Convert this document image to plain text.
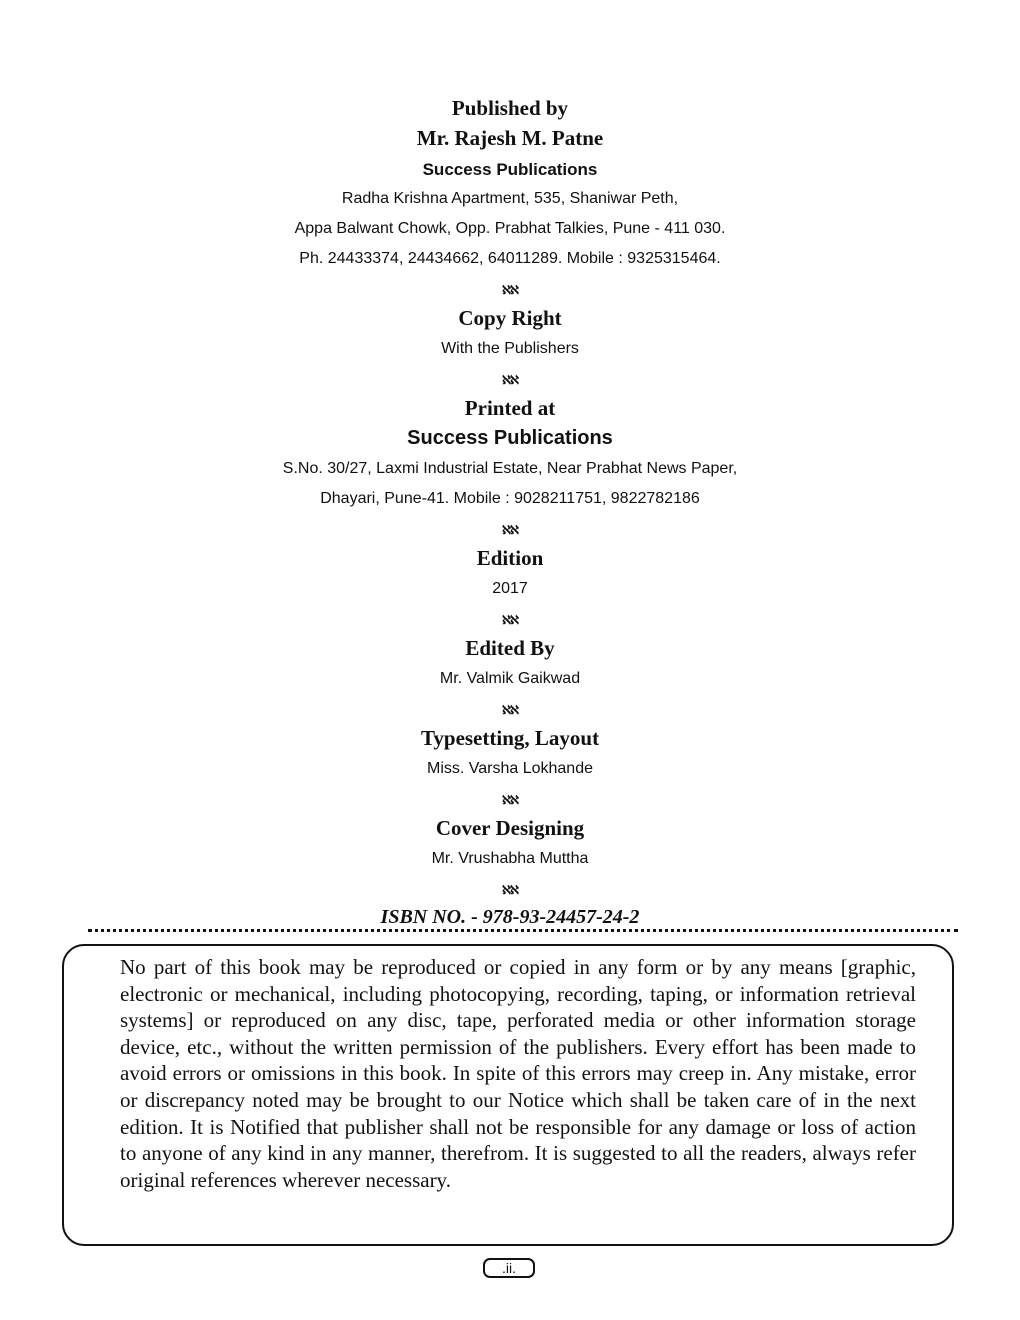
Published by
Mr. Rajesh M. Patne
Success Publications
Radha Krishna Apartment, 535, Shaniwar Peth,
Appa Balwant Chowk, Opp. Prabhat Talkies, Pune - 411 030.
Ph. 24433374, 24434662, 64011289. Mobile : 9325315464.
ℵℵ
Copy Right
With the Publishers
ℵℵ
Printed at
Success Publications
S.No. 30/27, Laxmi Industrial Estate, Near Prabhat News Paper,
Dhayari, Pune-41. Mobile : 9028211751, 9822782186
ℵℵ
Edition
2017
ℵℵ
Edited By
Mr. Valmik Gaikwad
ℵℵ
Typesetting, Layout
Miss. Varsha Lokhande
ℵℵ
Cover Designing
Mr. Vrushabha Muttha
ℵℵ
ISBN NO. - 978-93-24457-24-2

No part of this book may be reproduced or copied in any form or by any means [graphic, electronic or mechanical, including photocopying, recording, taping, or information retrieval systems] or reproduced on any disc, tape, perforated media or other information storage device, etc., without the written permission of the publishers. Every effort has been made to avoid errors or omissions in this book. In spite of this errors may creep in. Any mistake, error or discrepancy noted may be brought to our Notice which shall be taken care of in the next edition. It is Notified that publisher shall not be responsible for any damage or loss of action to anyone of any kind in any manner, therefrom. It is suggested to all the readers, always refer original references wherever necessary.

.ii.
